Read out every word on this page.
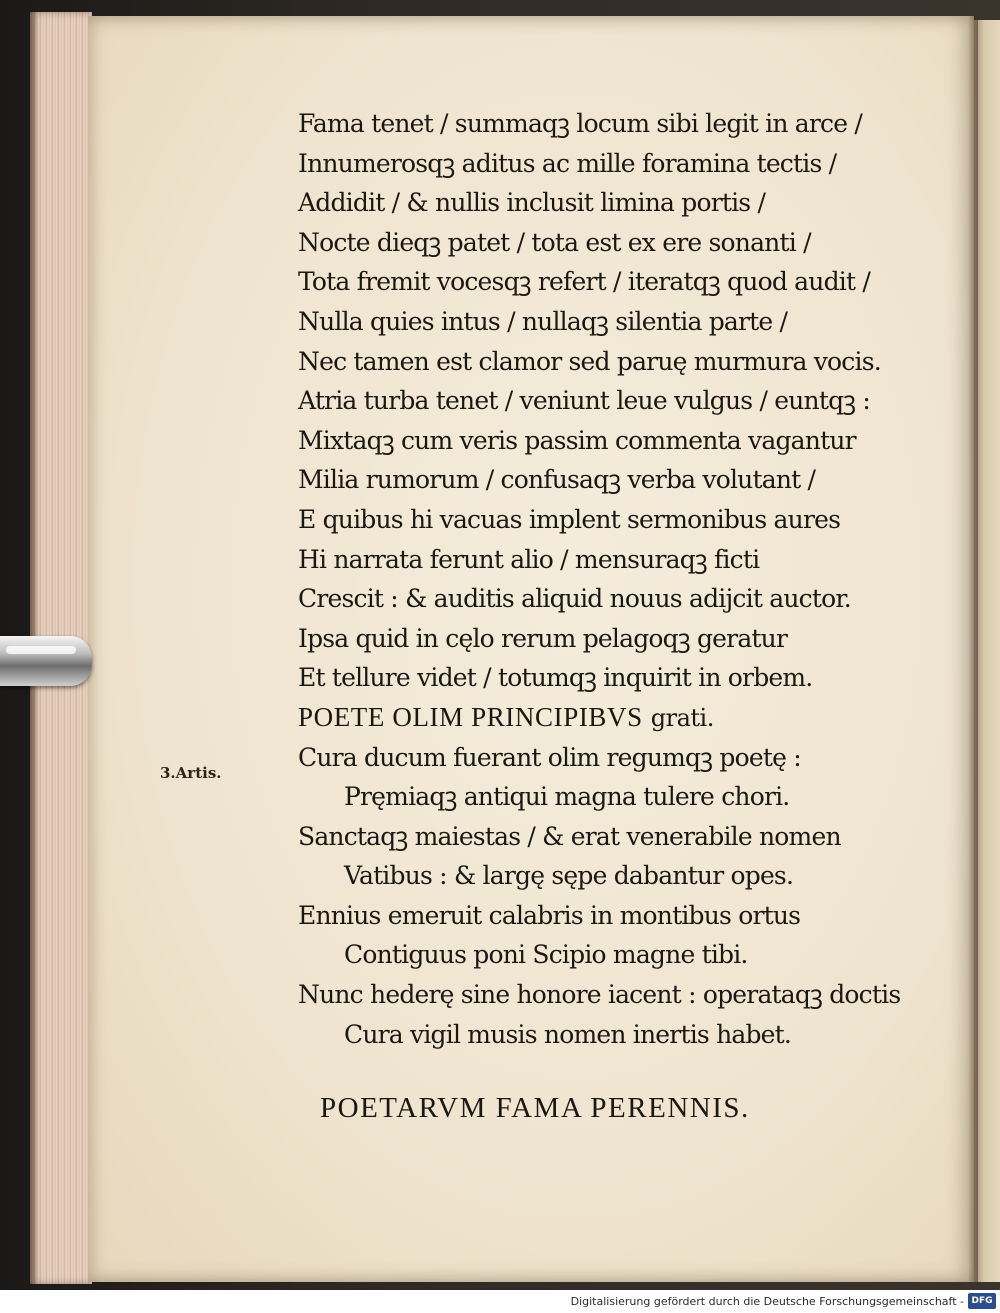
Fama tenet / summaqꝫ locum sibi legit in arce /
Innumerosqꝫ aditus ac mille foramina tectis /
Addidit / & nullis inclusit limina portis /
Nocte dieqꝫ patet / tota est ex ere sonanti /
Tota fremit vocesqꝫ refert / iteratqꝫ quod audit /
Nulla quies intus / nullaqꝫ silentia parte /
Nec tamen est clamor sed paruę murmura vocis.
Atria turba tenet / veniunt leue vulgus / euntqꝫ :
Mixtaqꝫ cum veris passim commenta vagantur
Milia rumorum / confusaqꝫ verba volutant /
E quibus hi vacuas implent sermonibus aures
Hi narrata ferunt alio / mensuraqꝫ ficti
Crescit : & auditis aliquid nouus adijcit auctor.
Ipsa quid in cęlo rerum pelagoqꝫ geratur
Et tellure videt / totumqꝫ inquirit in orbem.
POETE OLIM PRINCIPIBVS grati.
Cura ducum fuerant olim regumqꝫ poetę :
Pręmiaqꝫ antiqui magna tulere chori.
Sanctaqꝫ maiestas / & erat venerabile nomen
Vatibus : & largę sępe dabantur opes.
Ennius emeruit calabris in montibus ortus
Contiguus poni Scipio magne tibi.
Nunc hederę sine honore iacent : operataqꝫ doctis
Cura vigil musis nomen inertis habet.
3.Artis.
POETARVM FAMA PERENNIS.
Digitalisierung gefördert durch die Deutsche Forschungsgemeinschaft - DFG
